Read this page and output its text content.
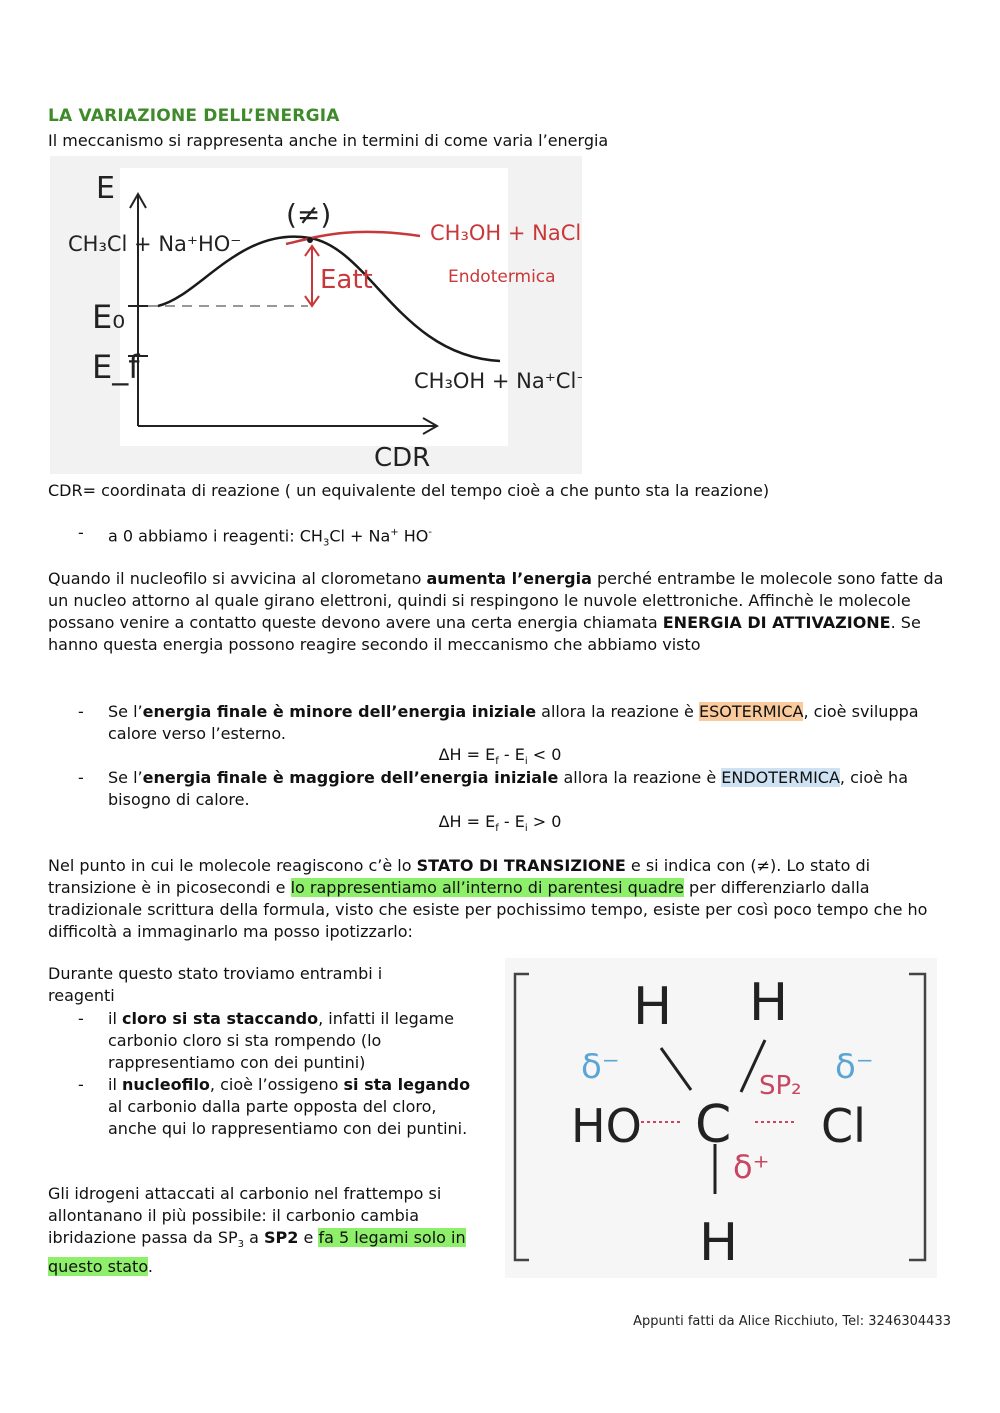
LA VARIAZIONE DELL’ENERGIA
Il meccanismo si rappresenta anche in termini di come varia l’energia
E
CH₃Cl + Na⁺HO⁻
(≠)
Eatt
E₀
E_f
CH₃OH + NaCl
Endotermica
CH₃OH + Na⁺Cl⁻
CDR
CDR= coordinata di reazione ( un equivalente del tempo cioè a che punto sta la reazione)
- a 0 abbiamo i reagenti: $CH_3Cl + Na^+$ HO-
Quando il nucleofilo si avvicina al clorometano aumenta l’energia perché entrambe le molecole sono fatte da un nucleo attorno al quale girano elettroni, quindi si respingono le nuvole elettroniche. Affinchè le molecole possano venire a contatto queste devono avere una certa energia chiamata ENERGIA DI ATTIVAZIONE. Se hanno questa energia possono reagire secondo il meccanismo che abbiamo visto
- Se l’energia finale è minore dell’energia iniziale allora la reazione è ESOTERMICA, cioè sviluppa calore verso l’esterno.
$\Delta H = E_f - E_i < 0$
- Se l’energia finale è maggiore dell’energia iniziale allora la reazione è ENDOTERMICA, cioè ha bisogno di calore.
$\Delta H = E_f - E_i > 0$
Nel punto in cui le molecole reagiscono c’è lo STATO DI TRANSIZIONE e si indica con (≠). Lo stato di transizione è in picosecondi e lo rappresentiamo all’interno di parentesi quadre per differenziarlo dalla tradizionale scrittura della formula, visto che esiste per pochissimo tempo, esiste per così poco tempo che ho difficoltà a immaginarlo ma posso ipotizzarlo:
Durante questo stato troviamo entrambi i reagenti
- il cloro si sta staccando, infatti il legame carbonio cloro si sta rompendo (lo rappresentiamo con dei puntini)
- il nucleofilo, cioè l’ossigeno si sta legando al carbonio dalla parte opposta del cloro, anche qui lo rappresentiamo con dei puntini.
Gli idrogeni attaccati al carbonio nel frattempo si allontanano il più possibile: il carbonio cambia ibridazione passa da $SP_3$ a SP2 e fa 5 legami solo in questo stato.
H H
HO C Cl
H
δ⁻	δ⁻
SP₂
δ⁺
Appunti fatti da Alice Ricchiuto, Tel: 3246304433
